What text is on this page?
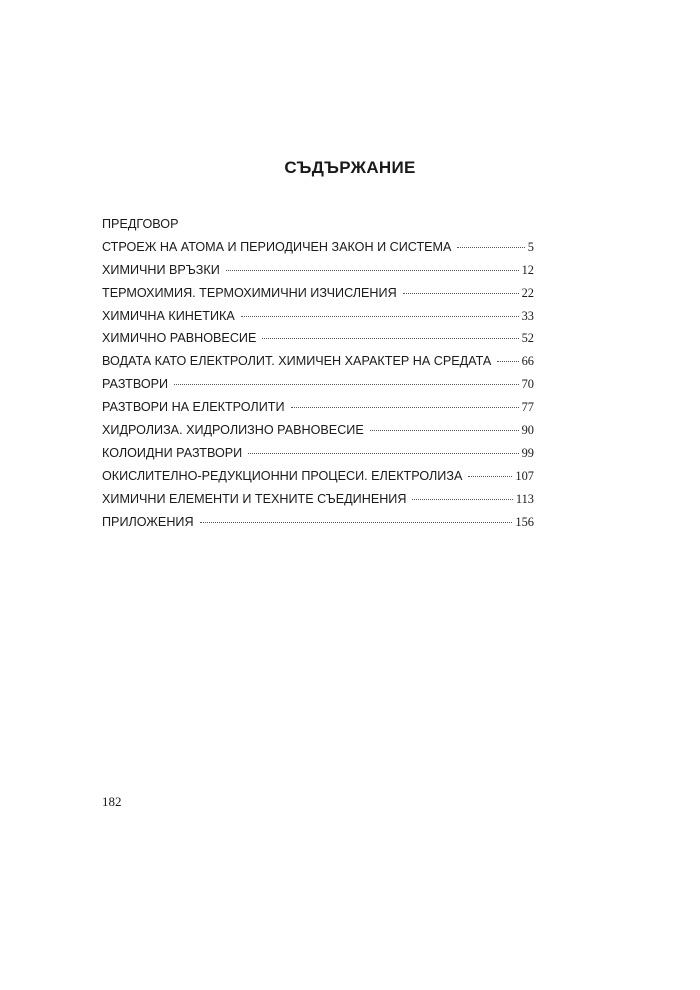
СЪДЪРЖАНИЕ
ПРЕДГОВОР
СТРОЕЖ НА АТОМА И ПЕРИОДИЧЕН ЗАКОН И СИСТЕМА	5
ХИМИЧНИ ВРЪЗКИ	12
ТЕРМОХИМИЯ. ТЕРМОХИМИЧНИ ИЗЧИСЛЕНИЯ	22
ХИМИЧНА КИНЕТИКА	33
ХИМИЧНО РАВНОВЕСИЕ	52
ВОДАТА КАТО ЕЛЕКТРОЛИТ. ХИМИЧЕН ХАРАКТЕР НА СРЕДАТА 66
РАЗТВОРИ	70
РАЗТВОРИ НА ЕЛЕКТРОЛИТИ	77
ХИДРОЛИЗА. ХИДРОЛИЗНО РАВНОВЕСИЕ	90
КОЛОИДНИ РАЗТВОРИ	99
ОКИСЛИТЕЛНО-РЕДУКЦИОННИ ПРОЦЕСИ. ЕЛЕКТРОЛИЗА	107
ХИМИЧНИ ЕЛЕМЕНТИ И ТЕХНИТЕ СЪЕДИНЕНИЯ	113
ПРИЛОЖЕНИЯ	156
182
